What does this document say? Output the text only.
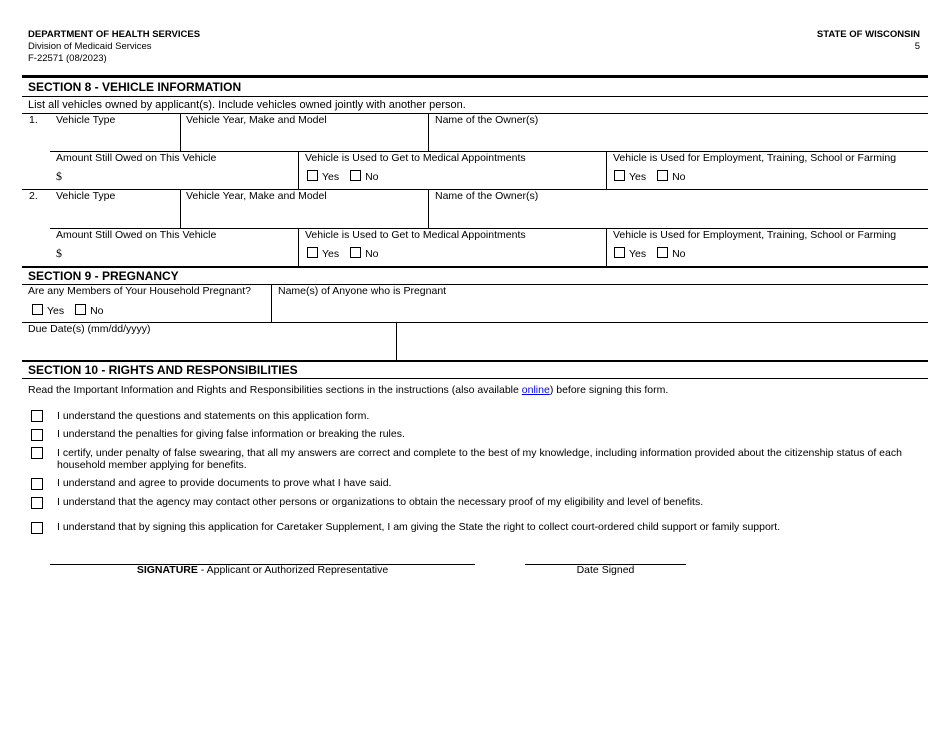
DEPARTMENT OF HEALTH SERVICES
Division of Medicaid Services
F-22571 (08/2023)
STATE OF WISCONSIN
5
SECTION 8 - VEHICLE INFORMATION
List all vehicles owned by applicant(s). Include vehicles owned jointly with another person.
1. Vehicle Type	Vehicle Year, Make and Model	Name of the Owner(s)
Amount Still Owed on This Vehicle
$
Vehicle is Used to Get to Medical Appointments
Yes No
Vehicle is Used for Employment, Training, School or Farming
Yes No
2. Vehicle Type	Vehicle Year, Make and Model	Name of the Owner(s)
Amount Still Owed on This Vehicle
$
Vehicle is Used to Get to Medical Appointments
Yes No
Vehicle is Used for Employment, Training, School or Farming
Yes No
SECTION 9 - PREGNANCY
Are any Members of Your Household Pregnant?
Yes No
Name(s) of Anyone who is Pregnant
Due Date(s) (mm/dd/yyyy)
SECTION 10 - RIGHTS AND RESPONSIBILITIES
Read the Important Information and Rights and Responsibilities sections in the instructions (also available online) before signing this form.
I understand the questions and statements on this application form.
I understand the penalties for giving false information or breaking the rules.
I certify, under penalty of false swearing, that all my answers are correct and complete to the best of my knowledge, including information provided about the citizenship status of each household member applying for benefits.
I understand and agree to provide documents to prove what I have said.
I understand that the agency may contact other persons or organizations to obtain the necessary proof of my eligibility and level of benefits.
I understand that by signing this application for Caretaker Supplement, I am giving the State the right to collect court-ordered child support or family support.
SIGNATURE - Applicant or Authorized Representative	Date Signed
